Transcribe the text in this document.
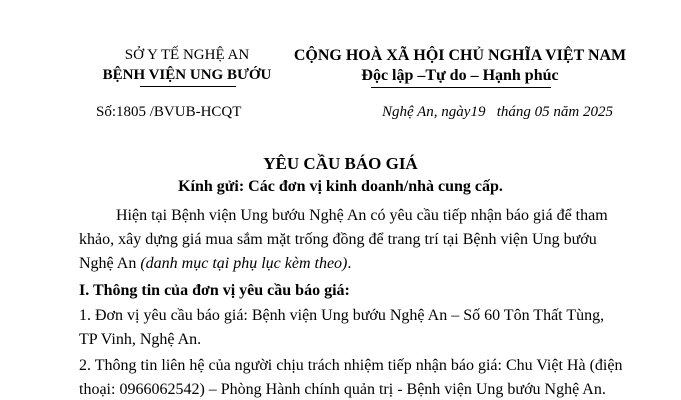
SỞ Y TẾ NGHỆ AN
BỆNH VIỆN UNG BƯỚU
CỘNG HOÀ XÃ HỘI CHỦ NGHĨA VIỆT NAM
Độc lập –Tự do – Hạnh phúc
Số:1805 /BVUB-HCQT	Nghệ An, ngày19   tháng 05 năm 2025
YÊU CẦU BÁO GIÁ
Kính gửi: Các đơn vị kinh doanh/nhà cung cấp.
Hiện tại Bệnh viện Ung bướu Nghệ An có yêu cầu tiếp nhận báo giá để tham
khảo, xây dựng giá mua sắm mặt trống đồng để trang trí tại Bệnh viện Ung bướu
Nghệ An (danh mục tại phụ lục kèm theo).
I. Thông tin của đơn vị yêu cầu báo giá:
1. Đơn vị yêu cầu báo giá: Bệnh viện Ung bướu Nghệ An – Số 60 Tôn Thất Tùng,
TP Vinh, Nghệ An.
2. Thông tin liên hệ của người chịu trách nhiệm tiếp nhận báo giá: Chu Việt Hà (điện
thoại: 0966062542) – Phòng Hành chính quản trị - Bệnh viện Ung bướu Nghệ An.
